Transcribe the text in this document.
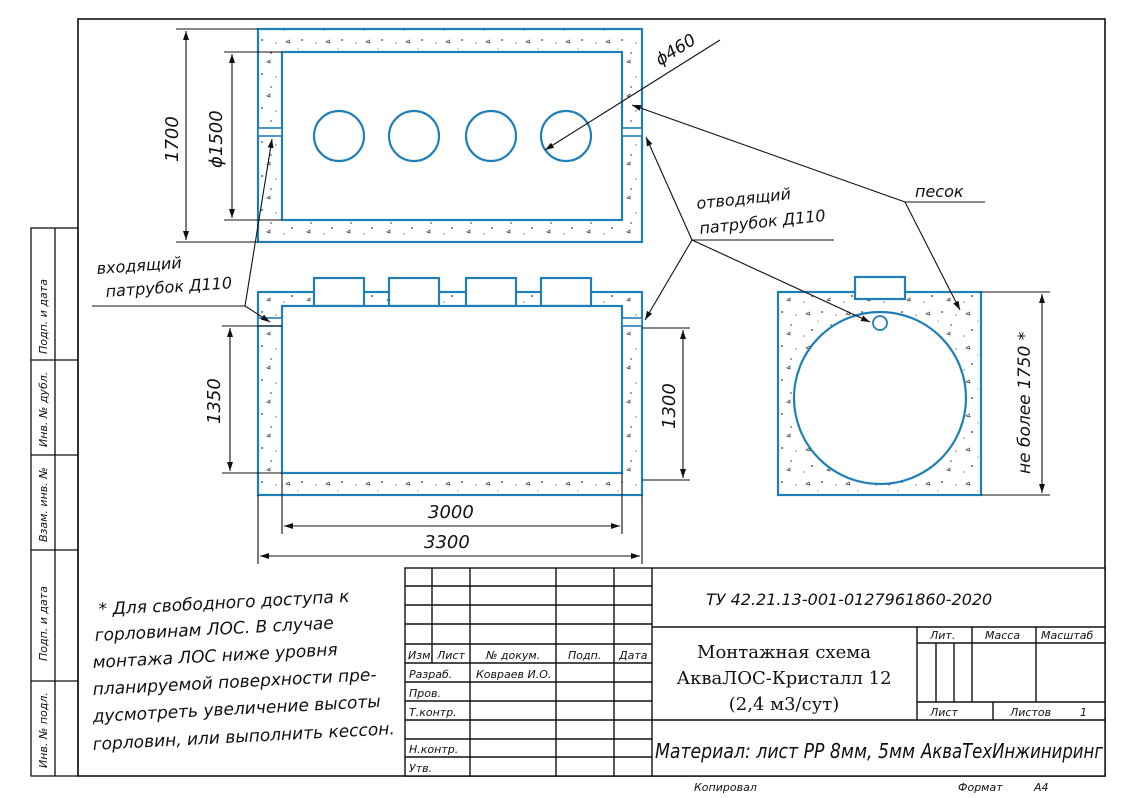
Подп. и дата
Инв. № дубл.
Взам. инв. №
Подп. и дата
Инв. № подл.
1700 ϕ1500
ϕ460
1350	1300
3000
3300
не более 1750 *
входящий
патрубок Д110
отводящий
патрубок Д110
песок
* Для свободного доступа к
горловинам ЛОС. В случае
монтажа ЛОС ниже уровня
планируемой поверхности пре-
дусмотреть увеличение высоты
горловин, или выполнить кессон.
Изм. Лист № докум.	Подп. Дата
Разраб. Ковраев И.О.
Пров.
Т.контр.
Н.контр.
Утв.
Лит.	Масса Масштаб
Лист	Листов	1
ТУ 42.21.13-001-0127961860-2020
Монтажная схема
АкваЛОС-Кристалл 12
(2,4 м3/сут)
Материал: лист PP 8мм, 5мм АкваТехИнжиниринг
Копировал	Формат	А4
